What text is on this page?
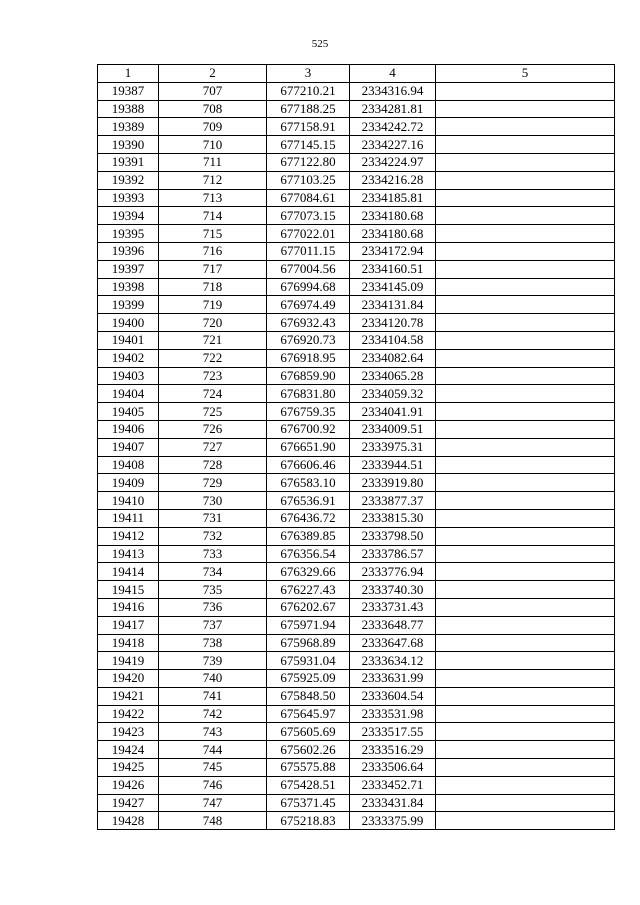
525
1	2	3	4	5
19387	707	677210.21	2334316.94	
19388	708	677188.25	2334281.81	
19389	709	677158.91	2334242.72	
19390	710	677145.15	2334227.16	
19391	711	677122.80	2334224.97	
19392	712	677103.25	2334216.28	
19393	713	677084.61	2334185.81	
19394	714	677073.15	2334180.68	
19395	715	677022.01	2334180.68	
19396	716	677011.15	2334172.94	
19397	717	677004.56	2334160.51	
19398	718	676994.68	2334145.09	
19399	719	676974.49	2334131.84	
19400	720	676932.43	2334120.78	
19401	721	676920.73	2334104.58	
19402	722	676918.95	2334082.64	
19403	723	676859.90	2334065.28	
19404	724	676831.80	2334059.32	
19405	725	676759.35	2334041.91	
19406	726	676700.92	2334009.51	
19407	727	676651.90	2333975.31	
19408	728	676606.46	2333944.51	
19409	729	676583.10	2333919.80	
19410	730	676536.91	2333877.37	
19411	731	676436.72	2333815.30	
19412	732	676389.85	2333798.50	
19413	733	676356.54	2333786.57	
19414	734	676329.66	2333776.94	
19415	735	676227.43	2333740.30	
19416	736	676202.67	2333731.43	
19417	737	675971.94	2333648.77	
19418	738	675968.89	2333647.68	
19419	739	675931.04	2333634.12	
19420	740	675925.09	2333631.99	
19421	741	675848.50	2333604.54	
19422	742	675645.97	2333531.98	
19423	743	675605.69	2333517.55	
19424	744	675602.26	2333516.29	
19425	745	675575.88	2333506.64	
19426	746	675428.51	2333452.71	
19427	747	675371.45	2333431.84	
19428	748	675218.83	2333375.99	
